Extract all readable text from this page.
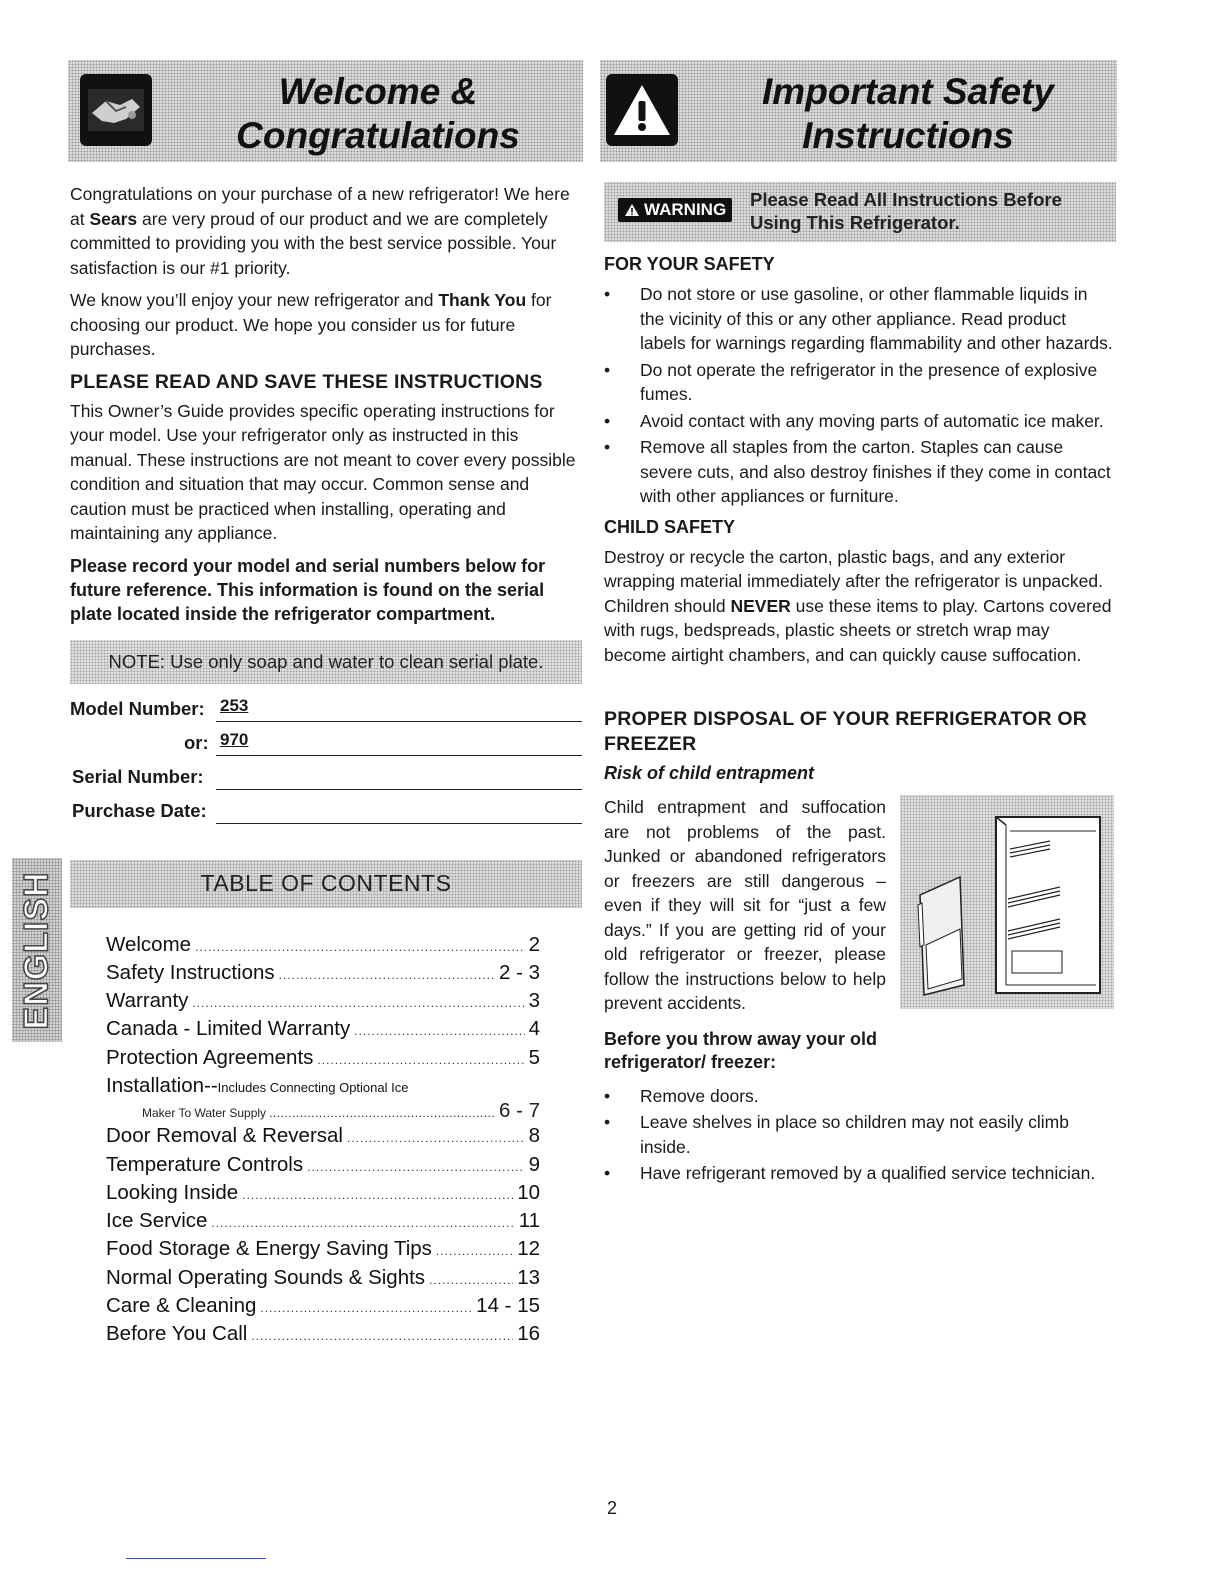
Welcome &
Congratulations
Important Safety
Instructions

Congratulations on your purchase of a new refrigerator! We here at Sears are very proud of our product and we are completely committed to providing you with the best service possible. Your satisfaction is our #1 priority.

We know you’ll enjoy your new refrigerator and Thank You for choosing our product. We hope you consider us for future purchases.

PLEASE READ AND SAVE THESE INSTRUCTIONS

This Owner’s Guide provides specific operating instructions for your model. Use your refrigerator only as instructed in this manual. These instructions are not meant to cover every possible condition and situation that may occur. Common sense and caution must be practiced when installing, operating and maintaining any appliance.

Please record your model and serial numbers below for future reference. This information is found on the serial plate located inside the refrigerator compartment.

NOTE: Use only soap and water to clean serial plate.
Model Number: 253
or: 970
Serial Number:
Purchase Date:
TABLE OF CONTENTS
Welcome .....	2
Safety Instructions .....	2 - 3
Warranty .....	3
Canada - Limited Warranty .....	4
Protection Agreements .....	5
Installation-- Includes Connecting Optional Ice
Maker To Water Supply .....	6 - 7
Door Removal & Reversal .....	8
Temperature Controls .....	9
Looking Inside .....	10
Ice Service .....	11
Food Storage & Energy Saving Tips .....	12
Normal Operating Sounds & Sights .....	13
Care & Cleaning .....	14 - 15
Before You Call .....	16
WARNING Please Read All Instructions Before
Using This Refrigerator.
FOR YOUR SAFETY
• Do not store or use gasoline, or other flammable liquids in the vicinity of this or any other appliance. Read product labels for warnings regarding flammability and other hazards.
• Do not operate the refrigerator in the presence of explosive fumes.
• Avoid contact with any moving parts of automatic ice maker.
• Remove all staples from the carton. Staples can cause severe cuts, and also destroy finishes if they come in contact with other appliances or furniture.
CHILD SAFETY

Destroy or recycle the carton, plastic bags, and any exterior wrapping material immediately after the refrigerator is unpacked. Children should NEVER use these items to play. Cartons covered with rugs, bedspreads, plastic sheets or stretch wrap may become airtight chambers, and can quickly cause suffocation.

PROPER DISPOSAL OF YOUR REFRIGERATOR OR FREEZER
Risk of child entrapment

Child entrapment and suffocation are not problems of the past. Junked or abandoned refrigerators or freezers are still dangerous – even if they will sit for “just a few days.” If you are getting rid of your old refrigerator or freezer, please follow the instructions below to help prevent accidents.

Before you throw away your old refrigerator/ freezer:
• Remove doors.
• Leave shelves in place so children may not easily climb inside.
• Have refrigerant removed by a qualified service technician.
ENGLISH
2
